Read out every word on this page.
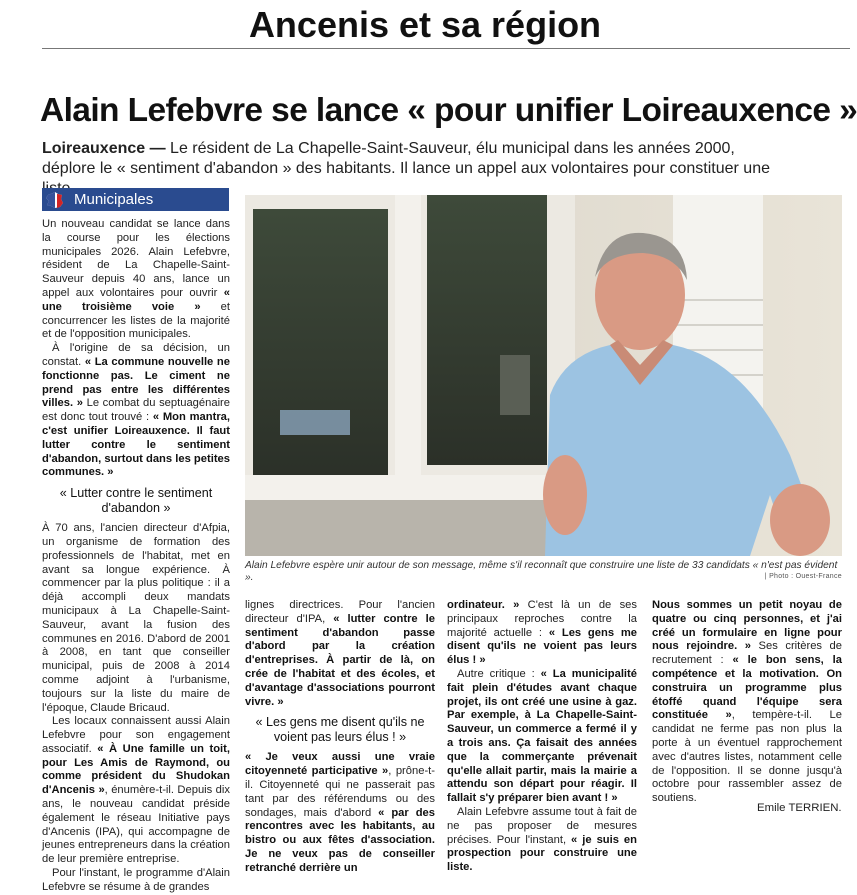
Ancenis et sa région
Alain Lefebvre se lance « pour unifier Loireauxence »
Loireauxence — Le résident de La Chapelle-Saint-Sauveur, élu municipal dans les années 2000, déplore le « sentiment d'abandon » des habitants. Il lance un appel aux volontaires pour constituer une
Municipales

Un nouveau candidat se lance dans la course pour les élections municipales 2026. Alain Lefebvre, résident de La Chapelle-Saint-Sauveur depuis 40 ans, lance un appel aux volontaires pour ouvrir « une troisième voie » et concurrencer les listes de la majorité et de l'opposition municipales.

À l'origine de sa décision, un constat. « La commune nouvelle ne fonctionne pas. Le ciment ne prend pas entre les différentes villes. » Le combat du septuagénaire est donc tout trouvé : « Mon mantra, c'est unifier Loireauxence. Il faut lutter contre le sentiment d'abandon, surtout dans les petites communes. »

« Lutter contre le sentiment d'abandon »

À 70 ans, l'ancien directeur d'Afpia, un organisme de formation des professionnels de l'habitat, met en avant sa longue expérience. À commencer par la plus politique : il a déjà accompli deux mandats municipaux à La Chapelle-Saint-Sauveur, avant la fusion des communes en 2016. D'abord de 2001 à 2008, en tant que conseiller municipal, puis de 2008 à 2014 comme adjoint à l'urbanisme, toujours sur la liste du maire de l'époque, Claude Bricaud.

Les locaux connaissent aussi Alain Lefebvre pour son engagement associatif. « À Une famille un toit, pour Les Amis de Raymond, ou comme président du Shudokan d'Ancenis », énumère-t-il. Depuis dix ans, le nouveau candidat préside également le réseau Initiative pays d'Ancenis (IPA), qui accompagne de jeunes entrepreneurs dans la création de leur première entreprise.

Pour l'instant, le programme d'Alain Lefebvre se résume à de grandes

Alain Lefebvre espère unir autour de son message, même s'il reconnaît que construire une liste de 33 candidats « n'est pas évident ».	| Photo : Ouest-France

lignes directrices. Pour l'ancien directeur d'IPA, « lutter contre le sentiment d'abandon passe d'abord par la création d'entreprises. À partir de là, on crée de l'habitat et des écoles, et d'avantage d'associations pourront vivre. »

« Les gens me disent qu'ils ne voient pas leurs élus ! »

« Je veux aussi une vraie citoyenneté participative », prône-t-il. Citoyenneté qui ne passerait pas tant par des référendums ou des sondages, mais d'abord « par des rencontres avec les habitants, au bistro ou aux fêtes d'association. Je ne veux pas de conseiller retranché derrière un

ordinateur. » C'est là un de ses principaux reproches contre la majorité actuelle : « Les gens me disent qu'ils ne voient pas leurs élus ! »

Autre critique : « La municipalité fait plein d'études avant chaque projet, ils ont créé une usine à gaz. Par exemple, à La Chapelle-Saint-Sauveur, un commerce a fermé il y a trois ans. Ça faisait des années que la commerçante prévenait qu'elle allait partir, mais la mairie a attendu son départ pour réagir. Il fallait s'y préparer bien avant ! »

Alain Lefebvre assume tout à fait de ne pas proposer de mesures précises. Pour l'instant, « je suis en prospection pour construire une liste.

Nous sommes un petit noyau de quatre ou cinq personnes, et j'ai créé un formulaire en ligne pour nous rejoindre. » Ses critères de recrutement : « le bon sens, la compétence et la motivation. On construira un programme plus étoffé quand l'équipe sera constituée », tempère-t-il. Le candidat ne ferme pas non plus la porte à un éventuel rapprochement avec d'autres listes, notamment celle de l'opposition. Il se donne jusqu'à octobre pour rassembler assez de soutiens.

Emile TERRIEN.
